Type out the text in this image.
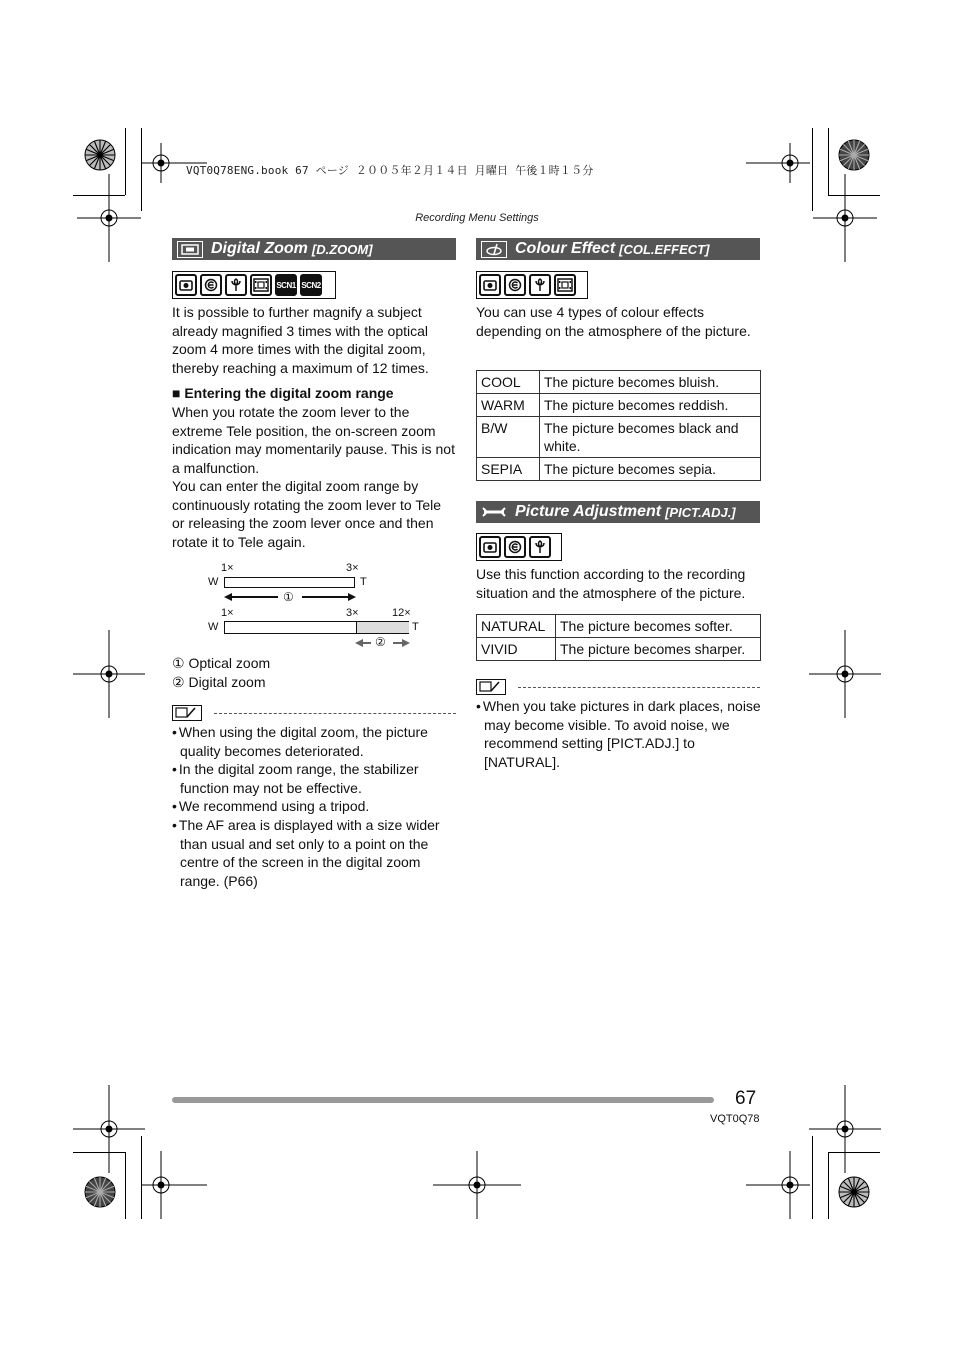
VQT0Q78ENG.book 67 ページ ２００５年２月１４日 月曜日 午後１時１５分
Recording Menu Settings
Digital Zoom [D.ZOOM]
SCN1 SCN2
It is possible to further magnify a subject already magnified 3 times with the optical zoom 4 more times with the digital zoom, thereby reaching a maximum of 12 times.
■ Entering the digital zoom range
When you rotate the zoom lever to the extreme Tele position, the on-screen zoom indication may momentarily pause. This is not a malfunction.
You can enter the digital zoom range by continuously rotating the zoom lever to Tele or releasing the zoom lever once and then rotate it to Tele again.
1×	3×
W	T
①
1×	3×	12×
W	T
②
① Optical zoom
② Digital zoom
• When using the digital zoom, the picture quality becomes deteriorated.
• In the digital zoom range, the stabilizer function may not be effective.
• We recommend using a tripod.
• The AF area is displayed with a size wider than usual and set only to a point on the centre of the screen in the digital zoom range. (P66)
Colour Effect [COL.EFFECT]
You can use 4 types of colour effects depending on the atmosphere of the picture.
COOL	The picture becomes bluish.
WARM	The picture becomes reddish.
B/W	The picture becomes black and white.
SEPIA	The picture becomes sepia.
Picture Adjustment [PICT.ADJ.]
Use this function according to the recording situation and the atmosphere of the picture.
NATURAL	The picture becomes softer.
VIVID	The picture becomes sharper.
• When you take pictures in dark places, noise may become visible. To avoid noise, we recommend setting [PICT.ADJ.] to [NATURAL].
67
VQT0Q78
